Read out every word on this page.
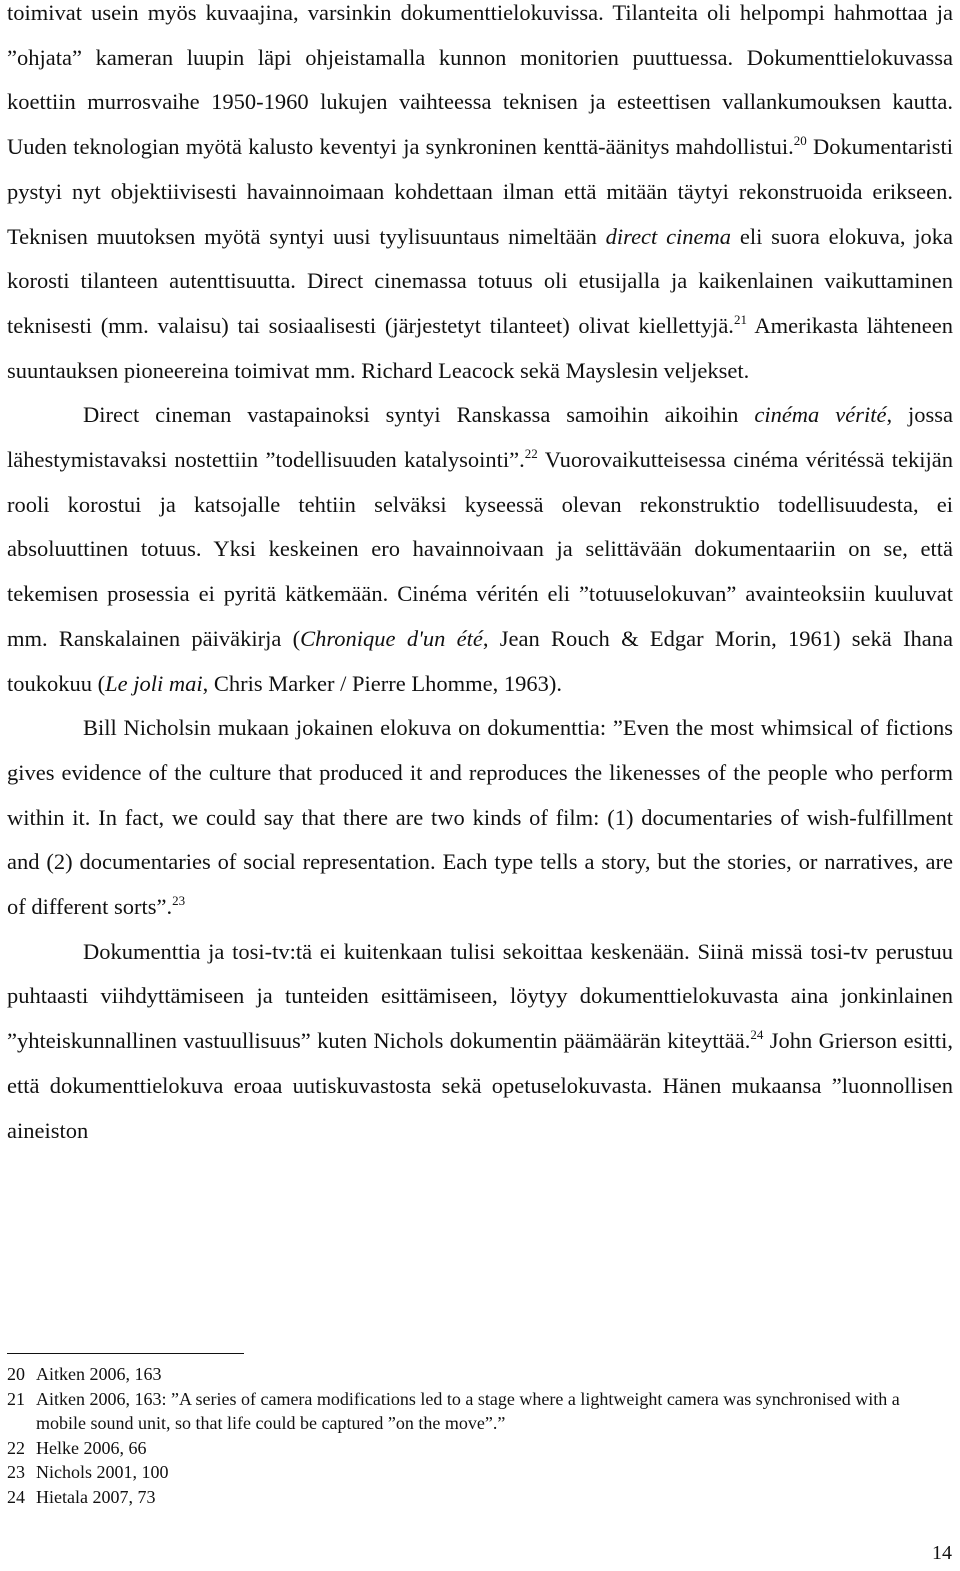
toimivat usein myös kuvaajina, varsinkin dokumenttielokuvissa. Tilanteita oli helpompi hahmottaa ja ”ohjata” kameran luupin läpi ohjeistamalla kunnon monitorien puuttuessa. Dokumenttielokuvassa koettiin murrosvaihe 1950-1960 lukujen vaihteessa teknisen ja esteettisen vallankumouksen kautta. Uuden teknologian myötä kalusto keventyi ja synkroninen kenttä-äänitys mahdollistui.$^{20}$ Dokumentaristi pystyi nyt objektiivisesti havainnoimaan kohdettaan ilman että mitään täytyi rekonstruoida erikseen. Teknisen muutoksen myötä syntyi uusi tyylisuuntaus nimeltään direct cinema eli suora elokuva, joka korosti tilanteen autenttisuutta. Direct cinemassa totuus oli etusijalla ja kaikenlainen vaikuttaminen teknisesti (mm. valaisu) tai sosiaalisesti (järjestetyt tilanteet) olivat kiellettyjä.$^{21}$ Amerikasta lähteneen suuntauksen pioneereina toimivat mm. Richard Leacock sekä Mayslesin veljekset.

Direct cineman vastapainoksi syntyi Ranskassa samoihin aikoihin cinéma vérité, jossa lähestymistavaksi nostettiin ”todellisuuden katalysointi”.$^{22}$ Vuorovaikutteisessa cinéma véritéssä tekijän rooli korostui ja katsojalle tehtiin selväksi kyseessä olevan rekonstruktio todellisuudesta, ei absoluuttinen totuus. Yksi keskeinen ero havainnoivaan ja selittävään dokumentaariin on se, että tekemisen prosessia ei pyritä kätkemään. Cinéma véritén eli ”totuuselokuvan” avainteoksiin kuuluvat mm. Ranskalainen päiväkirja (Chronique d'un été, Jean Rouch & Edgar Morin, 1961) sekä Ihana toukokuu (Le joli mai, Chris Marker / Pierre Lhomme, 1963).

Bill Nicholsin mukaan jokainen elokuva on dokumenttia: ”Even the most whimsical of fictions gives evidence of the culture that produced it and reproduces the likenesses of the people who perform within it. In fact, we could say that there are two kinds of film: (1) documentaries of wish-fulfillment and (2) documentaries of social representation. Each type tells a story, but the stories, or narratives, are of different sorts”.$^{23}$

Dokumenttia ja tosi-tv:tä ei kuitenkaan tulisi sekoittaa keskenään. Siinä missä tosi-tv perustuu puhtaasti viihdyttämiseen ja tunteiden esittämiseen, löytyy dokumenttielokuvasta aina jonkinlainen ”yhteiskunnallinen vastuullisuus” kuten Nichols dokumentin päämäärän kiteyttää.$^{24}$ John Grierson esitti, että dokumenttielokuva eroaa uutiskuvastosta sekä opetuselokuvasta. Hänen mukaansa ”luonnollisen aineiston

20 Aitken 2006, 163
21 Aitken 2006, 163: ”A series of camera modifications led to a stage where a lightweight camera was synchronised with a mobile sound unit, so that life could be captured ”on the move”.”
22 Helke 2006, 66
23 Nichols 2001, 100
24 Hietala 2007, 73
14
